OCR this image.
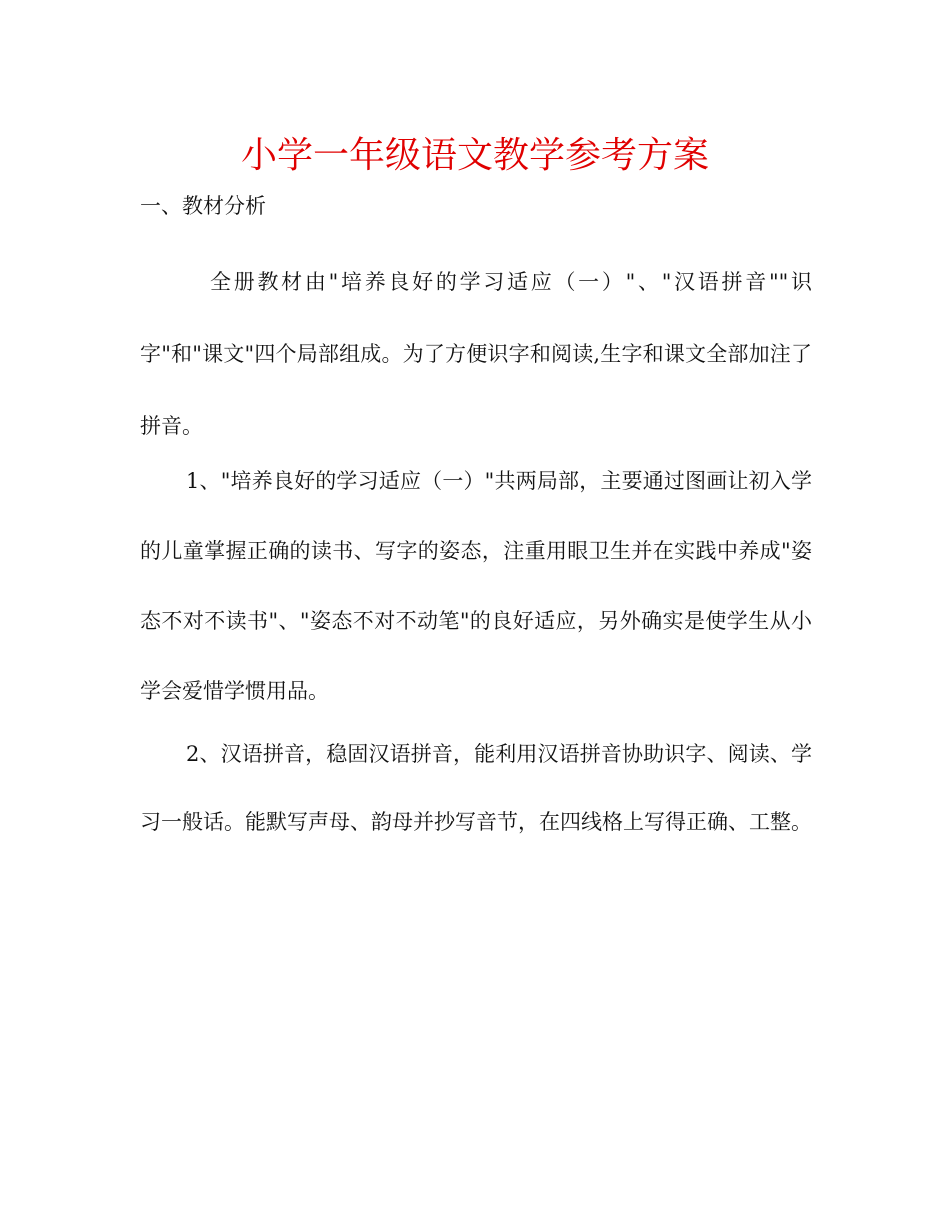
小学一年级语文教学参考方案
一、教材分析
全册教材由"培养良好的学习适应（一）"、"汉语拼音""识字"和"课文"四个局部组成。为了方便识字和阅读,生字和课文全部加注了拼音。
1、"培养良好的学习适应（一）"共两局部，主要通过图画让初入学的儿童掌握正确的读书、写字的姿态，注重用眼卫生并在实践中养成"姿态不对不读书"、"姿态不对不动笔"的良好适应，另外确实是使学生从小学会爱惜学惯用品。
2、汉语拼音，稳固汉语拼音，能利用汉语拼音协助识字、阅读、学习一般话。能默写声母、韵母并抄写音节，在四线格上写得正确、工整。
